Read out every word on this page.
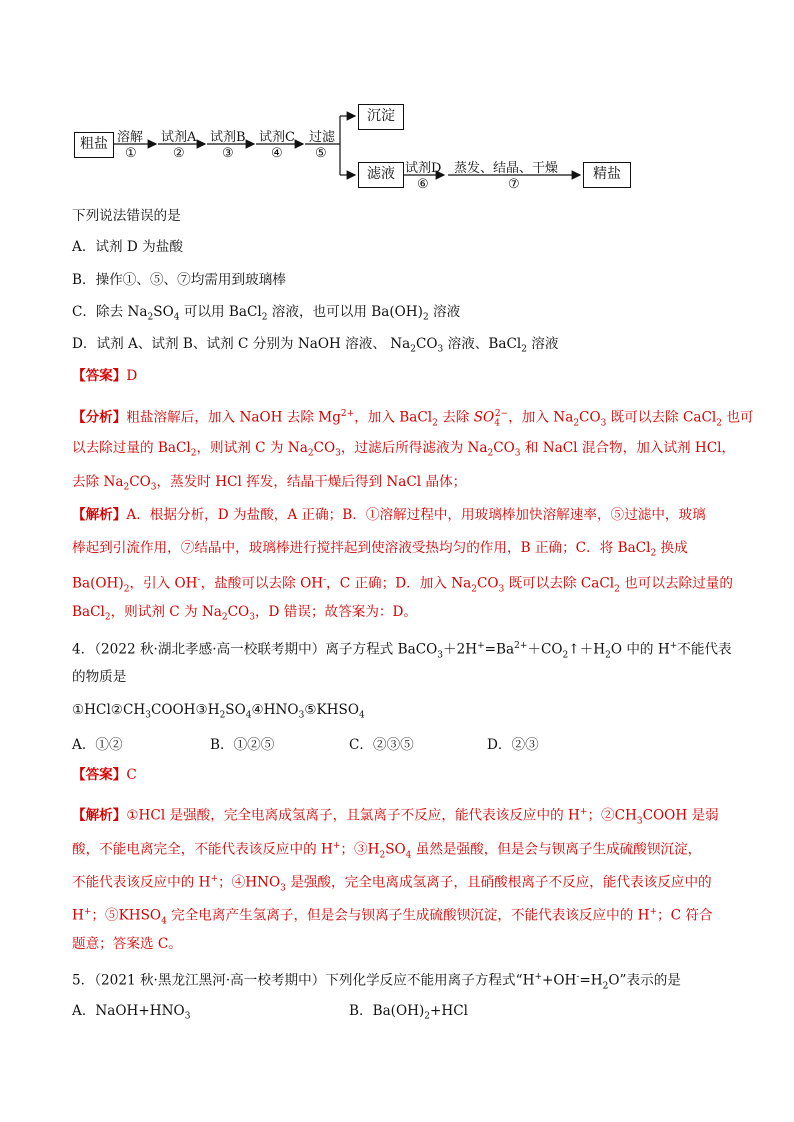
粗盐
沉淀
滤液	精盐
溶解
①
试剂A
②
试剂B
③
试剂C
④
过滤
⑤
试剂D
⑥
蒸发、结晶、干燥
⑦
下列说法错误的是
A．试剂 D 为盐酸
B．操作①、⑤、⑦均需用到玻璃棒
C．除去 $Na_2SO_4$ 可以用 BaCl$_2$ 溶液，也可以用 $Ba(OH)_2$ 溶液
D．试剂 A、试剂 B、试剂 C 分别为 NaOH 溶液、 $Na_2CO_3$ 溶液、BaCl$_2$ 溶液
【答案】D
【分析】粗盐溶解后，加入 NaOH 去除 $Mg^{2+}$，加入 BaCl$_2$ 去除 $SO_4^{2-}$，加入 $Na_2CO_3$ 既可以去除 CaCl$_2$ 也可
以去除过量的 BaCl$_2$，则试剂 C 为 $Na_2CO_3$，过滤后所得滤液为 $Na_2CO_3$ 和 NaCl 混合物，加入试剂 HCl，
去除 $Na_2CO_3$，蒸发时 HCl 挥发，结晶干燥后得到 NaCl 晶体；
【解析】A．根据分析，D 为盐酸，A 正确；B．①溶解过程中，用玻璃棒加快溶解速率，⑤过滤中，玻璃
棒起到引流作用，⑦结晶中，玻璃棒进行搅拌起到使溶液受热均匀的作用，B 正确；C．将 BaCl$_2$ 换成
$Ba(OH)_2$，引入 OH-，盐酸可以去除 OH-，C 正确；D．加入 $Na_2CO_3$ 既可以去除 CaCl$_2$ 也可以去除过量的
BaCl$_2$，则试剂 C 为 $Na_2CO_3$，D 错误；故答案为：D。
4．（2022 秋·湖北孝感·高一校联考期中）离子方程式 $BaCO_3+2H^+=Ba^{2+}+CO_2↑+H_2O$ 中的 H+不能代表
的物质是
$①HCl②CH_3COOH③H_2SO_4④HNO_3⑤KHSO_4$
A．①②	B．①②⑤	C．②③⑤	D．②③
【答案】C
【解析】①HCl 是强酸，完全电离成氢离子，且氯离子不反应，能代表该反应中的 H+；$②CH_3COOH$ 是弱
酸，不能电离完全，不能代表该反应中的 H+；$③H_2SO_4$ 虽然是强酸，但是会与钡离子生成硫酸钡沉淀，
不能代表该反应中的 H+；$④HNO_3$ 是强酸，完全电离成氢离子，且硝酸根离子不反应，能代表该反应中的
H+；$⑤KHSO_4$ 完全电离产生氢离子，但是会与钡离子生成硫酸钡沉淀，不能代表该反应中的 H+；C 符合
题意；答案选 C。
5．（2021 秋·黑龙江黑河·高一校考期中）下列化学反应不能用离子方程式“$H^++OH^-=H_2O$”表示的是
A．$NaOH+HNO_3$	B．$Ba(OH)_2+HCl$
